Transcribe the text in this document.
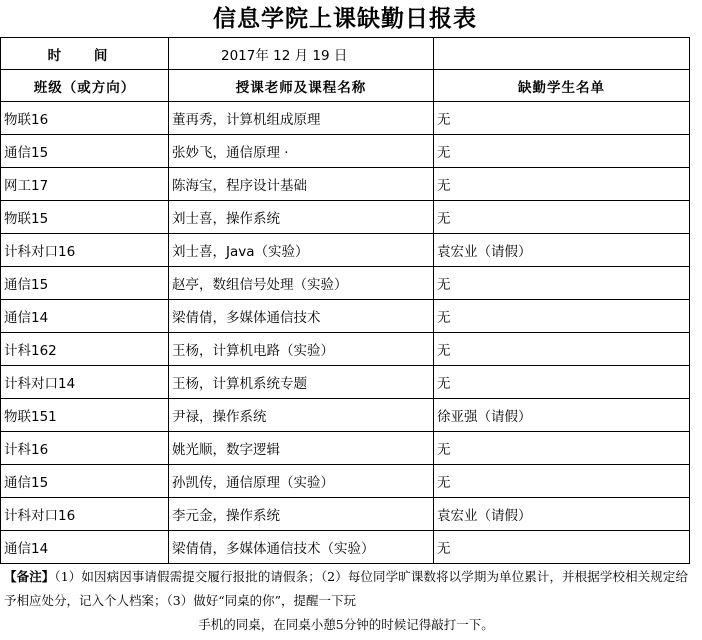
信息学院上课缺勤日报表
时 间	2017年 12 月 19 日	
班级（或方向）	授课老师及课程名称	缺勤学生名单
物联16	董再秀，计算机组成原理	无
通信15	张妙飞，通信原理 ·	无
网工17	陈海宝，程序设计基础	无
物联15	刘士喜，操作系统	无
计科对口16	刘士喜，Java（实验）	袁宏业（请假）
通信15	赵亭，数组信号处理（实验）	无
通信14	梁倩倩，多媒体通信技术	无
计科162	王杨，计算机电路（实验）	无
计科对口14	王杨，计算机系统专题	无
物联151	尹禄，操作系统	徐亚强（请假）
计科16	姚光顺，数字逻辑	无
通信15	孙凯传，通信原理（实验）	无
计科对口16	李元金，操作系统	袁宏业（请假）
通信14	梁倩倩，多媒体通信技术（实验）	无
【备注】（1）如因病因事请假需提交履行报批的请假条；（2）每位同学旷课数将以学期为单位累计，并根据学校相关规定给予相应处分，记入个人档案；（3）做好“同桌的你”，提醒一下玩
手机的同桌，在同桌小憩5分钟的时候记得敲打一下。
